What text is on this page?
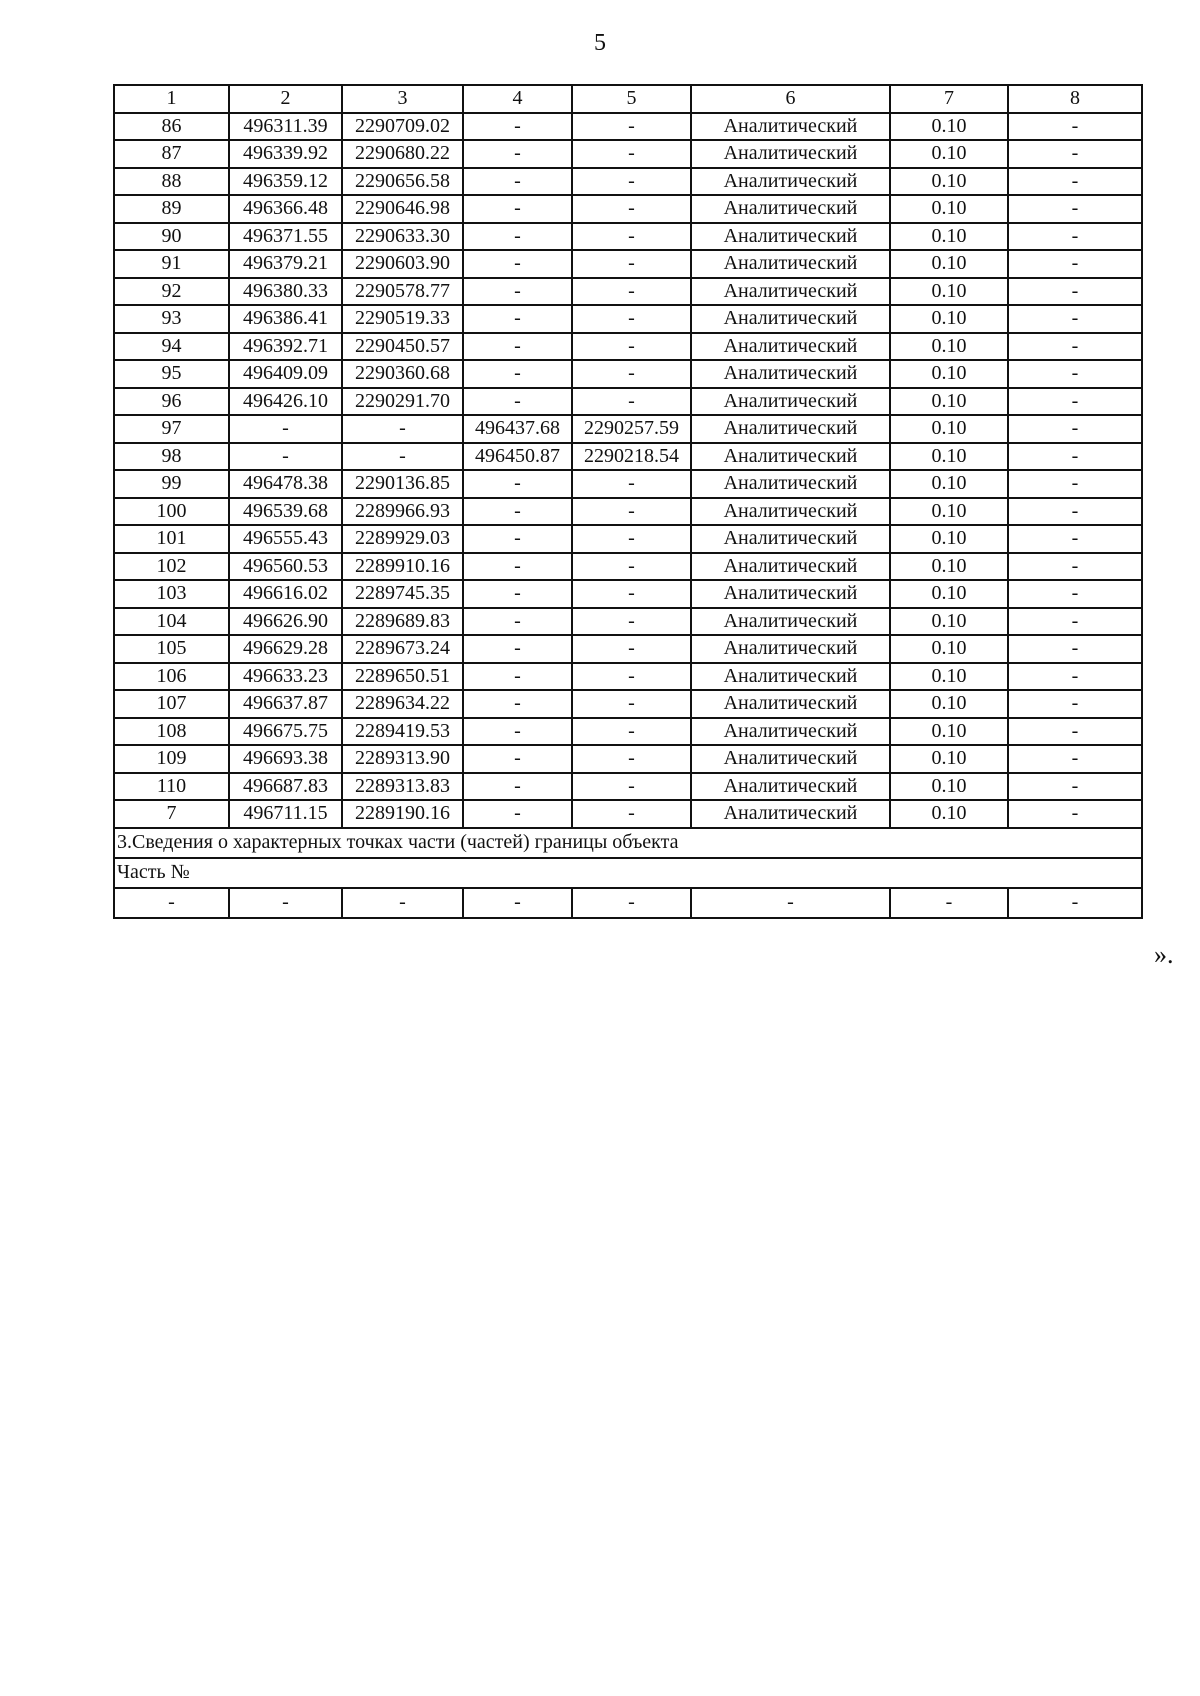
5
1	2	3	4	5	6	7	8
86	496311.39	2290709.02	-	-	Аналитический	0.10	-
87	496339.92	2290680.22	-	-	Аналитический	0.10	-
88	496359.12	2290656.58	-	-	Аналитический	0.10	-
89	496366.48	2290646.98	-	-	Аналитический	0.10	-
90	496371.55	2290633.30	-	-	Аналитический	0.10	-
91	496379.21	2290603.90	-	-	Аналитический	0.10	-
92	496380.33	2290578.77	-	-	Аналитический	0.10	-
93	496386.41	2290519.33	-	-	Аналитический	0.10	-
94	496392.71	2290450.57	-	-	Аналитический	0.10	-
95	496409.09	2290360.68	-	-	Аналитический	0.10	-
96	496426.10	2290291.70	-	-	Аналитический	0.10	-
97	-	-	496437.68	2290257.59	Аналитический	0.10	-
98	-	-	496450.87	2290218.54	Аналитический	0.10	-
99	496478.38	2290136.85	-	-	Аналитический	0.10	-
100	496539.68	2289966.93	-	-	Аналитический	0.10	-
101	496555.43	2289929.03	-	-	Аналитический	0.10	-
102	496560.53	2289910.16	-	-	Аналитический	0.10	-
103	496616.02	2289745.35	-	-	Аналитический	0.10	-
104	496626.90	2289689.83	-	-	Аналитический	0.10	-
105	496629.28	2289673.24	-	-	Аналитический	0.10	-
106	496633.23	2289650.51	-	-	Аналитический	0.10	-
107	496637.87	2289634.22	-	-	Аналитический	0.10	-
108	496675.75	2289419.53	-	-	Аналитический	0.10	-
109	496693.38	2289313.90	-	-	Аналитический	0.10	-
110	496687.83	2289313.83	-	-	Аналитический	0.10	-
7	496711.15	2289190.16	-	-	Аналитический	0.10	-
3.Сведения о характерных точках части (частей) границы объекта							
Часть №							
-	-	-	-	-	-	-	-
».
